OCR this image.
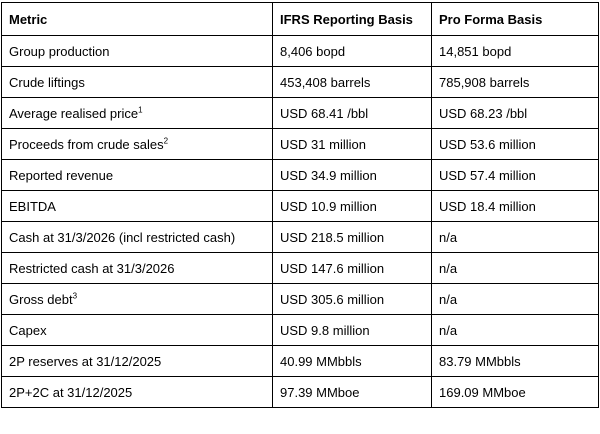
Metric	IFRS Reporting Basis	Pro Forma Basis
Group production	8,406 bopd	14,851 bopd
Crude liftings	453,408 barrels	785,908 barrels
Average realised price$^1$	USD 68.41 /bbl	USD 68.23 /bbl
Proceeds from crude sales$^2$	USD 31 million	USD 53.6 million
Reported revenue	USD 34.9 million	USD 57.4 million
EBITDA	USD 10.9 million	USD 18.4 million
Cash at 31/3/2026 (incl restricted cash)	USD 218.5 million	n/a
Restricted cash at 31/3/2026	USD 147.6 million	n/a
Gross debt$^3$	USD 305.6 million	n/a
Capex	USD 9.8 million	n/a
2P reserves at 31/12/2025	40.99 MMbbls	83.79 MMbbls
2P+2C at 31/12/2025	97.39 MMboe	169.09 MMboe
